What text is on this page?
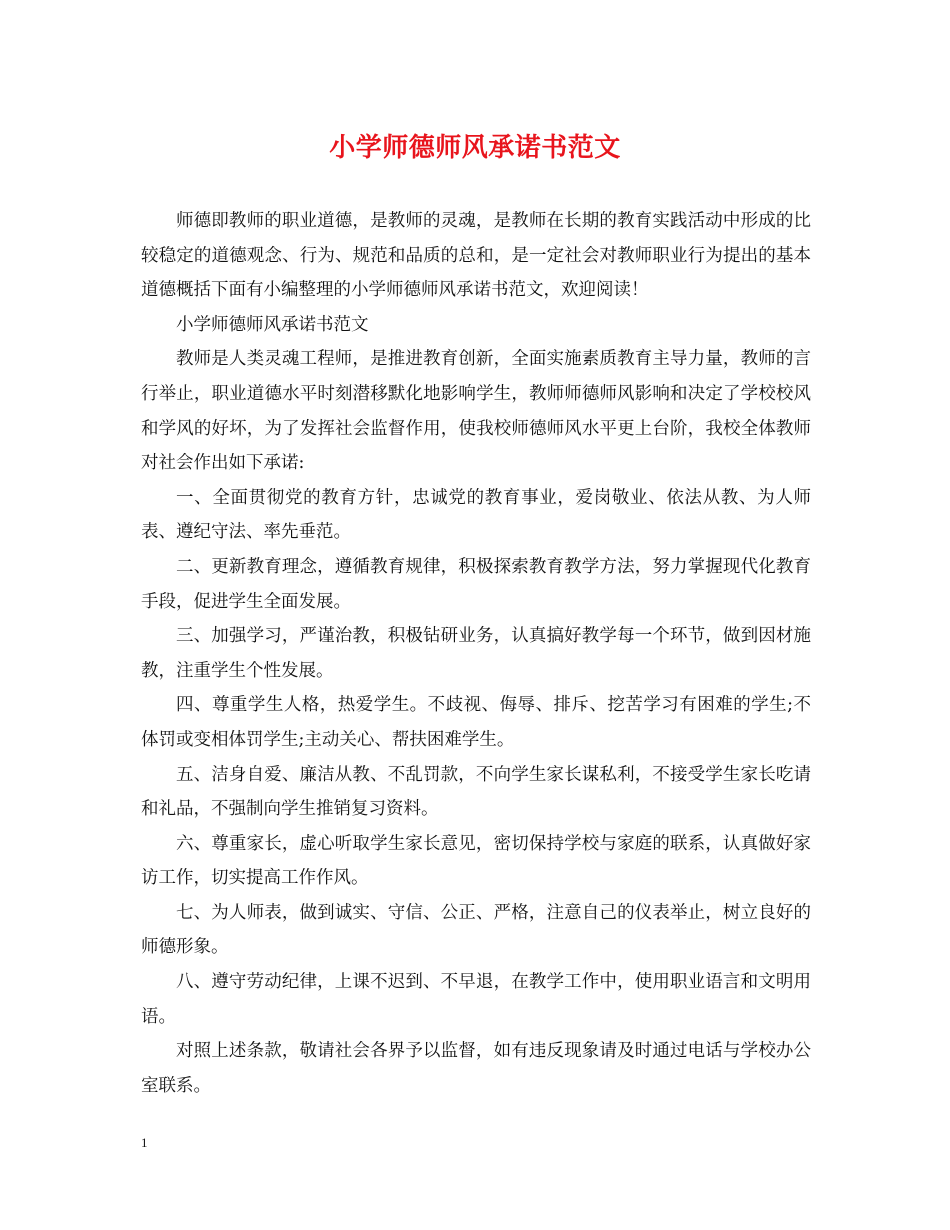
小学师德师风承诺书范文

师德即教师的职业道德，是教师的灵魂，是教师在长期的教育实践活动中形成的比较稳定的道德观念、行为、规范和品质的总和，是一定社会对教师职业行为提出的基本道德概括下面有小编整理的小学师德师风承诺书范文，欢迎阅读！

小学师德师风承诺书范文

教师是人类灵魂工程师，是推进教育创新，全面实施素质教育主导力量，教师的言行举止，职业道德水平时刻潜移默化地影响学生，教师师德师风影响和决定了学校校风和学风的好坏，为了发挥社会监督作用，使我校师德师风水平更上台阶，我校全体教师对社会作出如下承诺:

一、全面贯彻党的教育方针，忠诚党的教育事业，爱岗敬业、依法从教、为人师表、遵纪守法、率先垂范。

二、更新教育理念，遵循教育规律，积极探索教育教学方法，努力掌握现代化教育手段，促进学生全面发展。

三、加强学习，严谨治教，积极钻研业务，认真搞好教学每一个环节，做到因材施教，注重学生个性发展。

四、尊重学生人格，热爱学生。不歧视、侮辱、排斥、挖苦学习有困难的学生;不体罚或变相体罚学生;主动关心、帮扶困难学生。

五、洁身自爱、廉洁从教、不乱罚款，不向学生家长谋私利，不接受学生家长吃请和礼品，不强制向学生推销复习资料。

六、尊重家长，虚心听取学生家长意见，密切保持学校与家庭的联系，认真做好家访工作，切实提高工作作风。

七、为人师表，做到诚实、守信、公正、严格，注意自己的仪表举止，树立良好的师德形象。

八、遵守劳动纪律，上课不迟到、不早退，在教学工作中，使用职业语言和文明用语。

对照上述条款，敬请社会各界予以监督，如有违反现象请及时通过电话与学校办公室联系。

1
